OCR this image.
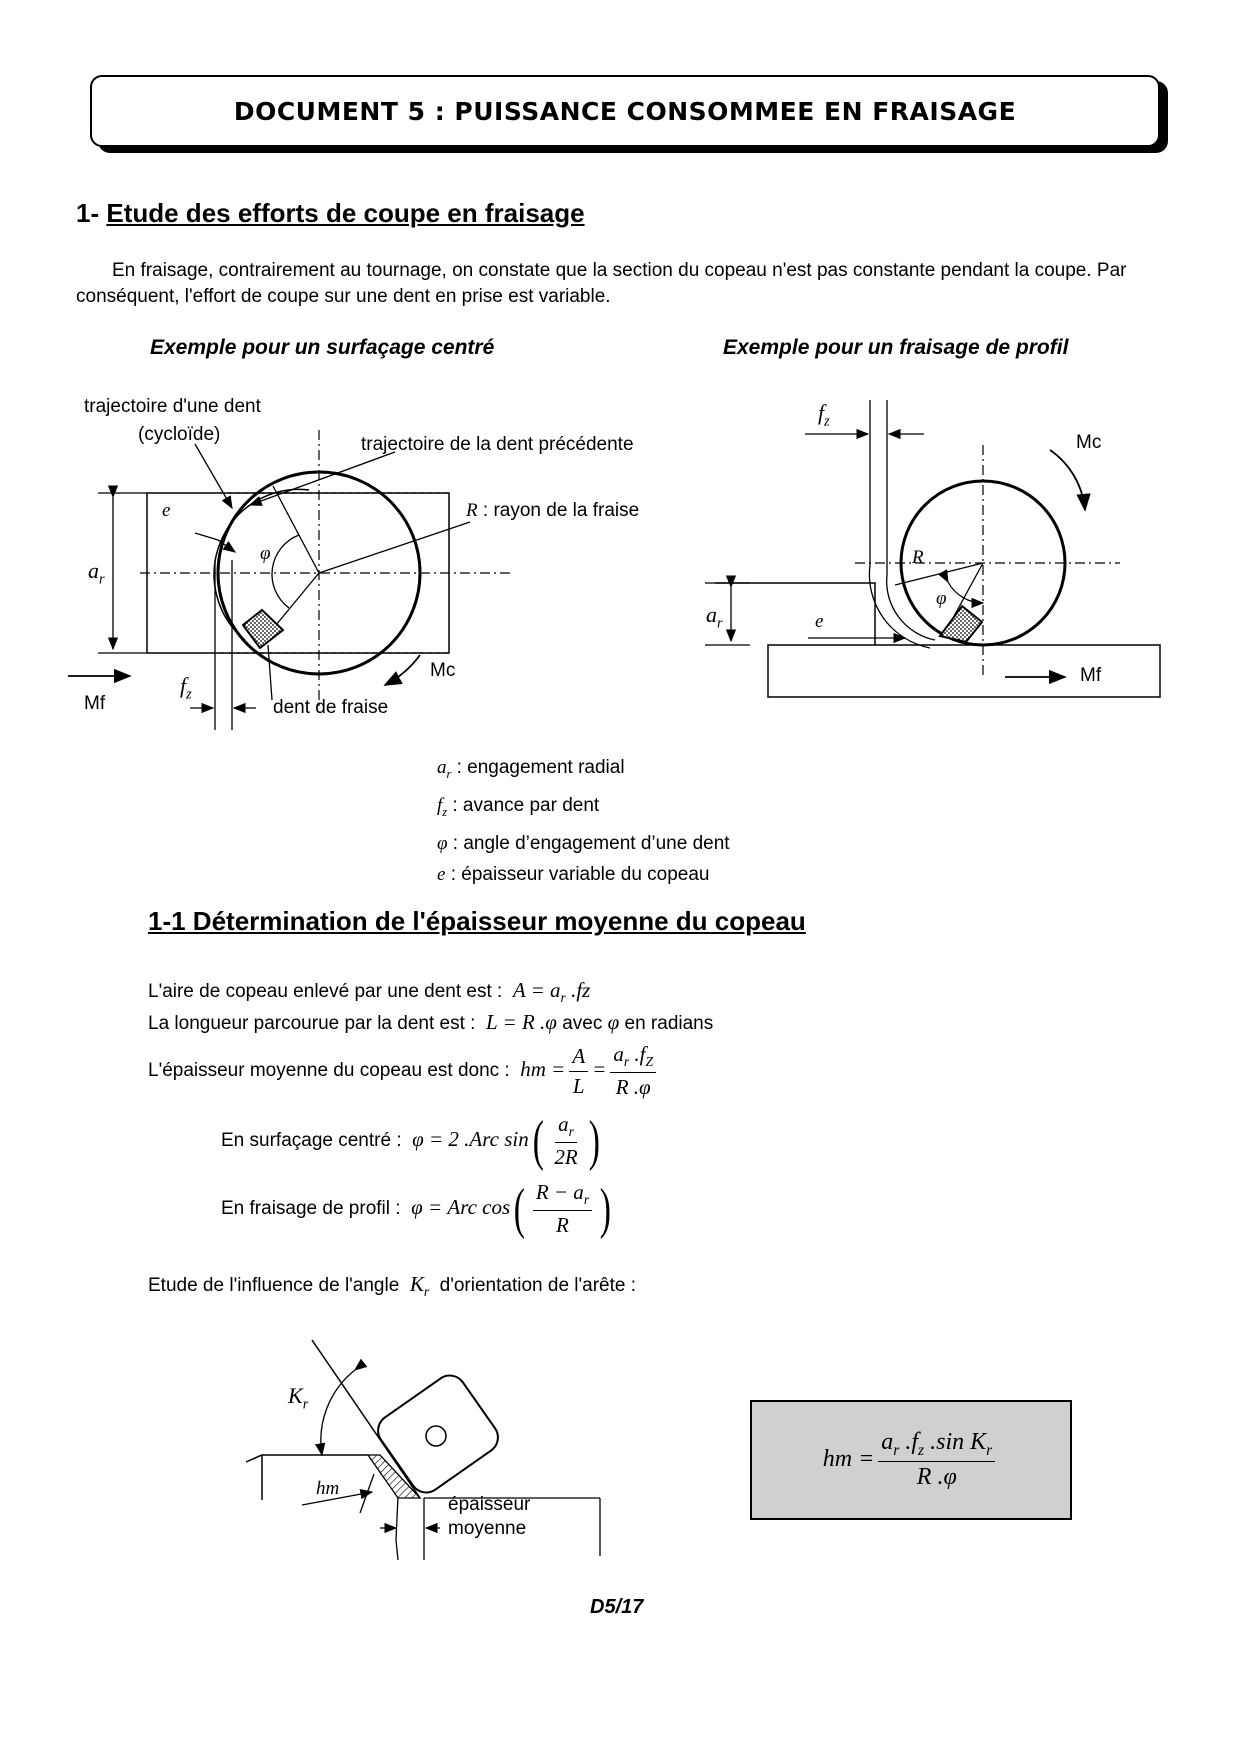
DOCUMENT 5 : PUISSANCE CONSOMMEE EN FRAISAGE
1- Etude des efforts de coupe en fraisage
En fraisage, contrairement au tournage, on constate que la section du copeau n'est pas constante pendant la coupe. Par conséquent, l'effort de coupe sur une dent en prise est variable.
Exemple pour un surfaçage centré	Exemple pour un fraisage de profil
trajectoire d'une dent
(cycloïde)	trajectoire de la dent précédente
R : rayon de la fraise
e
φ
$a_r$
$f_z$
Mc
Mf	dent de fraise
$f_z$
Mc
R
φ
$a_r$	e
Mf
$a_r$ : engagement radial
$f_z$ : avance par dent
φ : angle d’engagement d’une dent
e : épaisseur variable du copeau
1-1 Détermination de l'épaisseur moyenne du copeau
L'aire de copeau enlevé par une dent est :  $A = a_r$ .fz
La longueur parcourue par la dent est :  L = R .φ avec φ en radians
L'épaisseur moyenne du copeau est donc :  hm = $\frac{A}{L} = \frac{a_r .f_Z}{R .\varphi}$
En surfaçage centré :  φ = 2 .Arc sin ( $\frac{a_r}{2R}$ )
En fraisage de profil :  φ = Arc cos ( $\frac{R - a_r}{R}$ )
Etude de l'influence de l'angle  $K_r$ d'orientation de l'arête :
$K_r$
hm
épaisseur
moyenne
hm = $\frac{a_r .f_z .\sin K_r}{R .\varphi}$
D5/17
